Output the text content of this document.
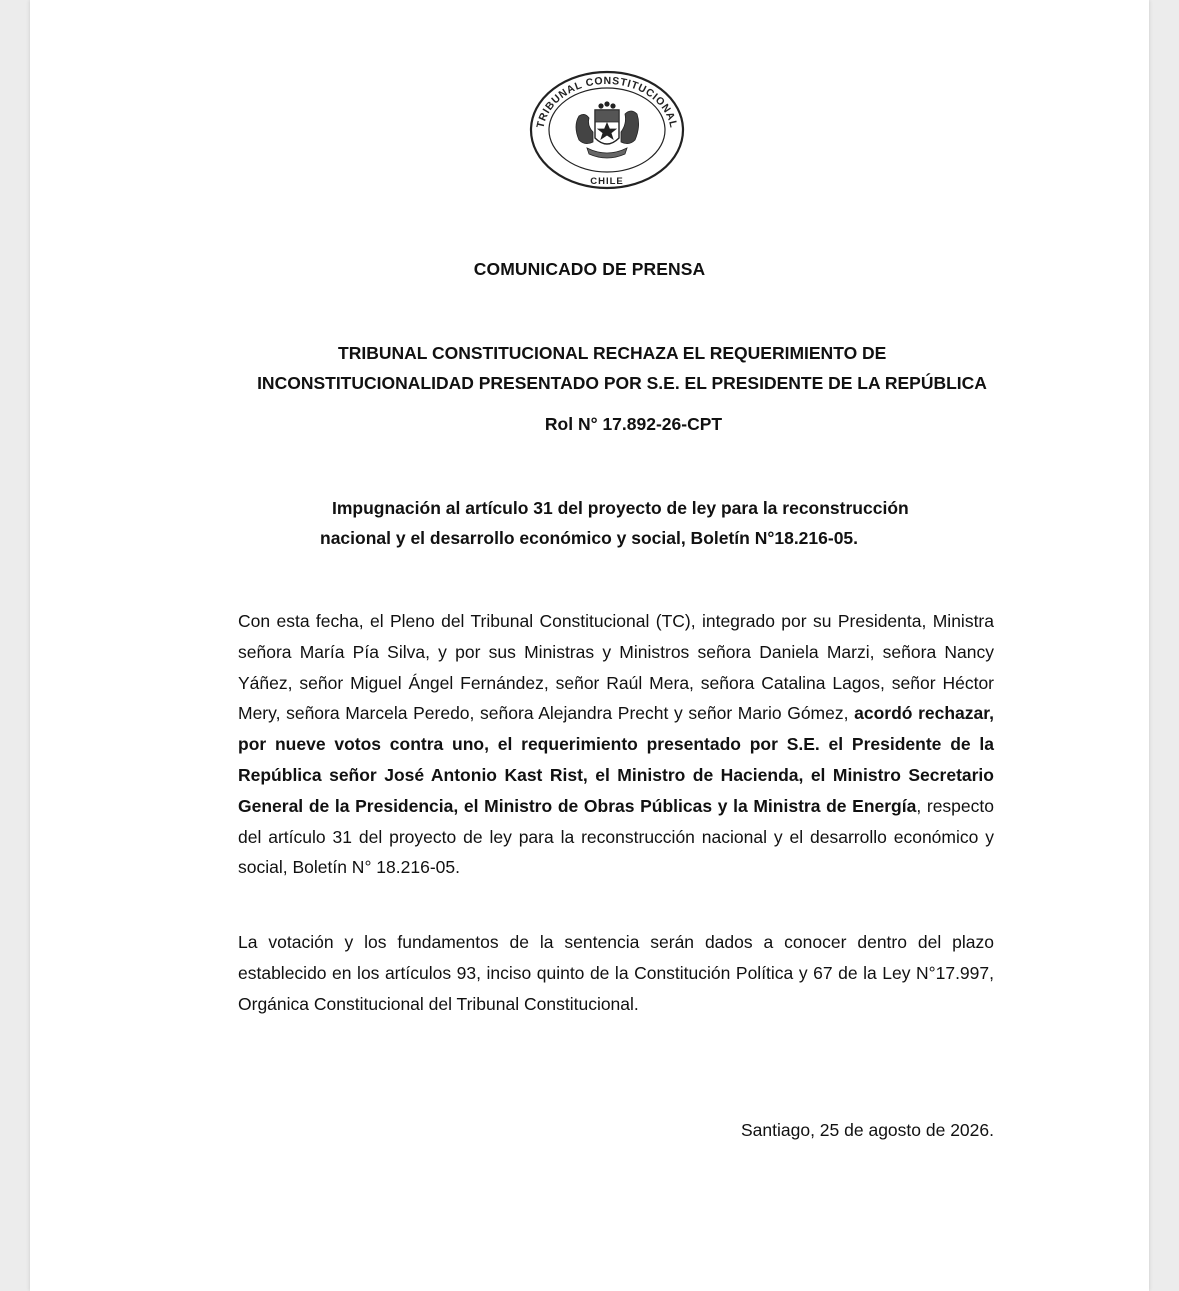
TRIBUNAL CONSTITUCIONAL
CHILE
COMUNICADO DE PRENSA
TRIBUNAL CONSTITUCIONAL RECHAZA EL REQUERIMIENTO DE
INCONSTITUCIONALIDAD PRESENTADO POR S.E. EL PRESIDENTE DE LA REPÚBLICA
Rol N° 17.892-26-CPT
Impugnación al artículo 31 del proyecto de ley para la reconstrucción
nacional y el desarrollo económico y social, Boletín N°18.216-05.

Con esta fecha, el Pleno del Tribunal Constitucional (TC), integrado por su Presidenta, Ministra señora María Pía Silva, y por sus Ministras y Ministros señora Daniela Marzi, señora Nancy Yáñez, señor Miguel Ángel Fernández, señor Raúl Mera, señora Catalina Lagos, señor Héctor Mery, señora Marcela Peredo, señora Alejandra Precht y señor Mario Gómez, acordó rechazar, por nueve votos contra uno, el requerimiento presentado por S.E. el Presidente de la República señor José Antonio Kast Rist, el Ministro de Hacienda, el Ministro Secretario General de la Presidencia, el Ministro de Obras Públicas y la Ministra de Energía, respecto del artículo 31 del proyecto de ley para la reconstrucción nacional y el desarrollo económico y social, Boletín N° 18.216-05.

La votación y los fundamentos de la sentencia serán dados a conocer dentro del plazo establecido en los artículos 93, inciso quinto de la Constitución Política y 67 de la Ley N°17.997, Orgánica Constitucional del Tribunal Constitucional.

Santiago, 25 de agosto de 2026.
